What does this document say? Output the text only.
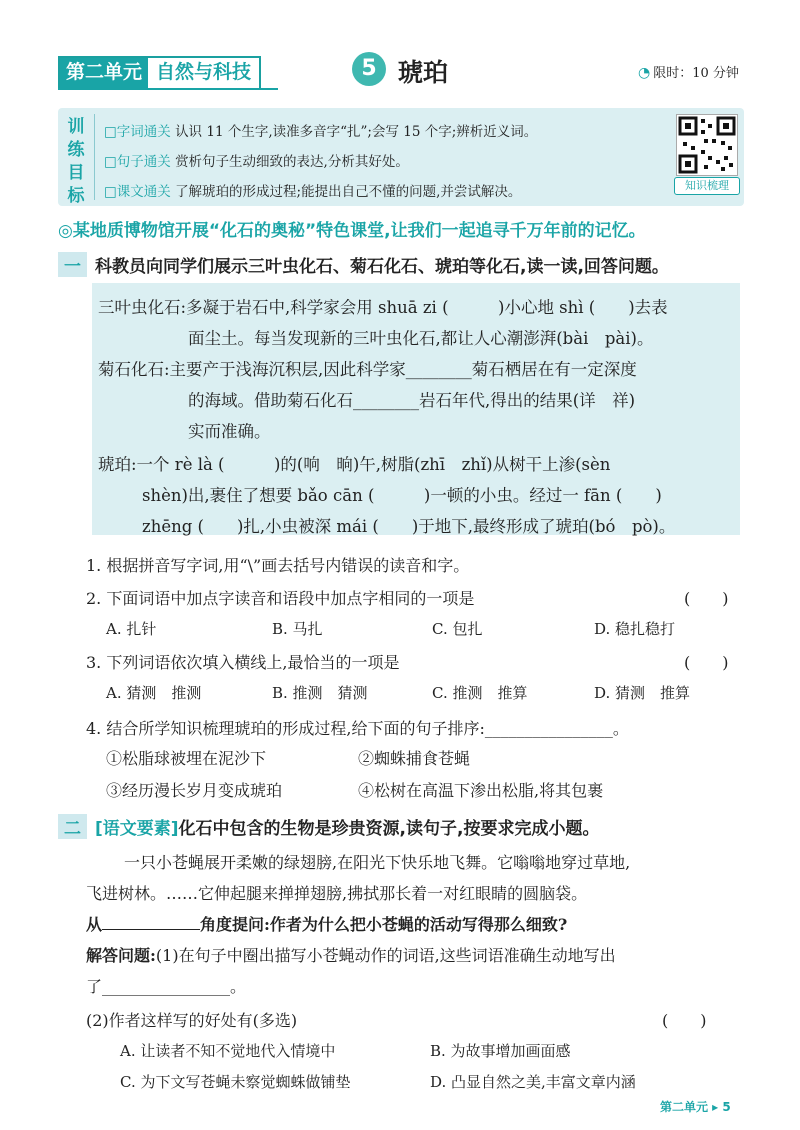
第二单元 自然与科技	5 琥珀	◔ 限时：10 分钟
训练目标
□字词通关 认识 11 个生字,读准多音字“扎”;会写 15 个字;辨析近义词。
□句子通关 赏析句子生动细致的表达,分析其好处。
□课文通关 了解琥珀的形成过程;能提出自己不懂的问题,并尝试解决。	知识梳理
◎某地质博物馆开展“化石的奥秘”特色课堂,让我们一起追寻千万年前的记忆。
一 科教员向同学们展示三叶虫化石、菊石化石、琥珀等化石,读一读,回答问题。
三叶虫化石:多凝于岩石中,科学家会用 shuā zi (　　　)小心地 shì (　　)去表
面尘土。每当发现新的三叶虫化石,都让人心潮澎湃(bài　pài)。
菊石化石:主要产于浅海沉积层,因此科学家________菊石栖居在有一定深度
的海域。借助菊石化石________岩石年代,得出的结果(详　祥)
实而准确。
琥珀:一个 rè là (　　　)的(响　晌)午,树脂(zhī　zhǐ)从树干上渗(sèn
shèn)出,裹住了想要 bǎo cān (　　　)一顿的小虫。经过一 fān (　　)
zhēng (　　)扎,小虫被深 mái (　　)于地下,最终形成了琥珀(bó　pò)。
1. 根据拼音写字词,用“\”画去括号内错误的读音和字。
2. 下面词语中加点字读音和语段中加点字相同的一项是	(　　)
A. 扎针	B. 马扎	C. 包扎	D. 稳扎稳打
3. 下列词语依次填入横线上,最恰当的一项是	(　　)
A. 猜测　推测	B. 推测　猜测	C. 推测　推算	D. 猜测　推算
4. 结合所学知识梳理琥珀的形成过程,给下面的句子排序:________________。
①松脂球被埋在泥沙下	②蜘蛛捕食苍蝇
③经历漫长岁月变成琥珀	④松树在高温下渗出松脂,将其包裹
二 [语文要素]化石中包含的生物是珍贵资源,读句子,按要求完成小题。
一只小苍蝇展开柔嫩的绿翅膀,在阳光下快乐地飞舞。它嗡嗡地穿过草地,
飞进树林。……它伸起腿来掸掸翅膀,拂拭那长着一对红眼睛的圆脑袋。
从	角度提问:作者为什么把小苍蝇的活动写得那么细致?
解答问题:(1)在句子中圈出描写小苍蝇动作的词语,这些词语准确生动地写出
了________________。
(2)作者这样写的好处有(多选)	(　　)
A. 让读者不知不觉地代入情境中	B. 为故事增加画面感
C. 为下文写苍蝇未察觉蜘蛛做铺垫	D. 凸显自然之美,丰富文章内涵
第二单元 ▸ 5
